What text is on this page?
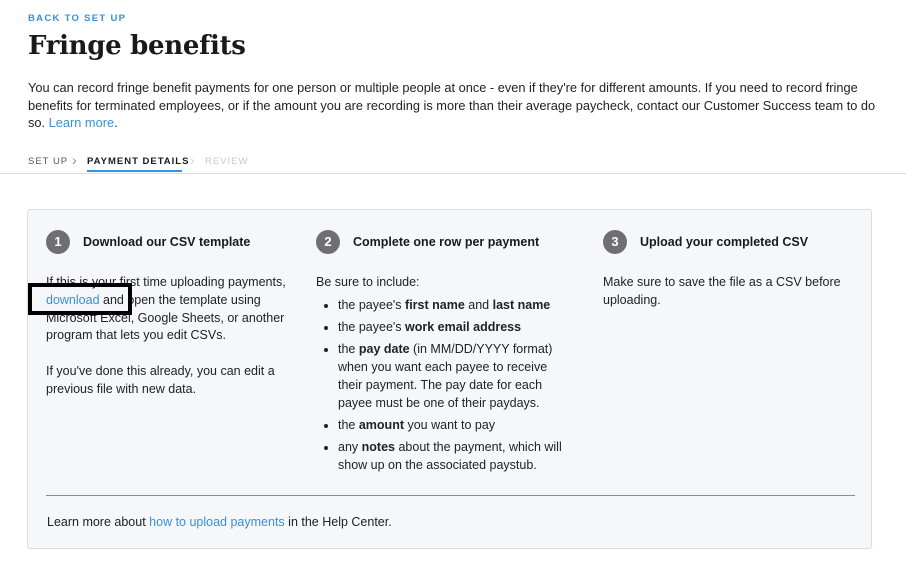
BACK TO SET UP
Fringe benefits

You can record fringe benefit payments for one person or multiple people at once - even if they're for different amounts. If you need to record fringe benefits for terminated employees, or if the amount you are recording is more than their average paycheck, contact our Customer Success team to do so. Learn more.

SET UP › PAYMENT DETAILS › REVIEW
1	Download our CSV template

If this is your first time uploading payments, download and open the template using Microsoft Excel, Google Sheets, or another program that lets you edit CSVs.

If you've done this already, you can edit a previous file with new data.

2	Complete one row per payment

Be sure to include:

• the payee's first name and last name
• the payee's work email address
• the pay date (in MM/DD/YYYY format) when you want each payee to receive their payment. The pay date for each payee must be one of their paydays.
• the amount you want to pay
• any notes about the payment, which will show up on the associated paystub.
3	Upload your completed CSV

Make sure to save the file as a CSV before uploading.

Learn more about how to upload payments in the Help Center.
